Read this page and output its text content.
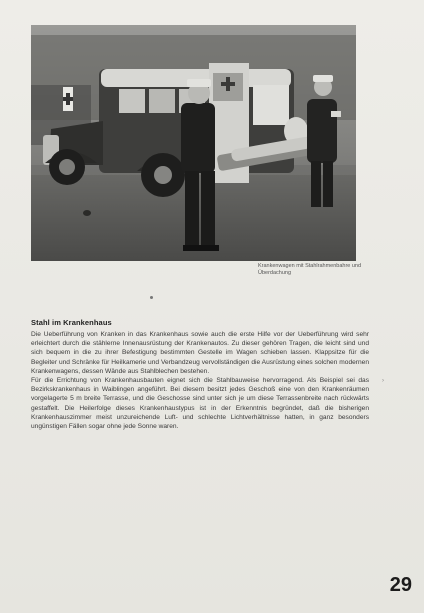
Krankenwagen mit Stahlrahmenbahre und Überdachung
Stahl im Krankenhaus

Die Ueberführung von Kranken in das Krankenhaus sowie auch die erste Hilfe vor der Ueberführung wird sehr erleichtert durch die stählerne Innenausrüstung der Krankenautos. Zu dieser gehören Tragen, die leicht sind und sich bequem in die zu ihrer Befestigung bestimmten Gestelle im Wagen schieben lassen. Klappsitze für die Begleiter und Schränke für Heilkamerie und Verbandzeug vervollständigen die Ausrüstung eines solchen modernen Krankenwagens, dessen Wände aus Stahlblechen bestehen.

Für die Errichtung von Krankenhausbauten eignet sich die Stahlbauweise hervorragend. Als Beispiel sei das Bezirkskrankenhaus in Waiblingen angeführt. Bei diesem besitzt jedes Geschoß eine von den Krankenräumen vorgelagerte 5 m breite Terrasse, und die Geschosse sind unter sich je um diese Terrassenbreite nach rückwärts gestaffelt. Die Heilerfolge dieses Krankenhaustypus ist in der Erkenntnis begründet, daß die bisherigen Krankenhauszimmer meist unzureichende Luft- und schlechte Lichtverhältnisse hatten, in ganz besonders ungünstigen Fällen sogar ohne jede Sonne waren.

›
29
